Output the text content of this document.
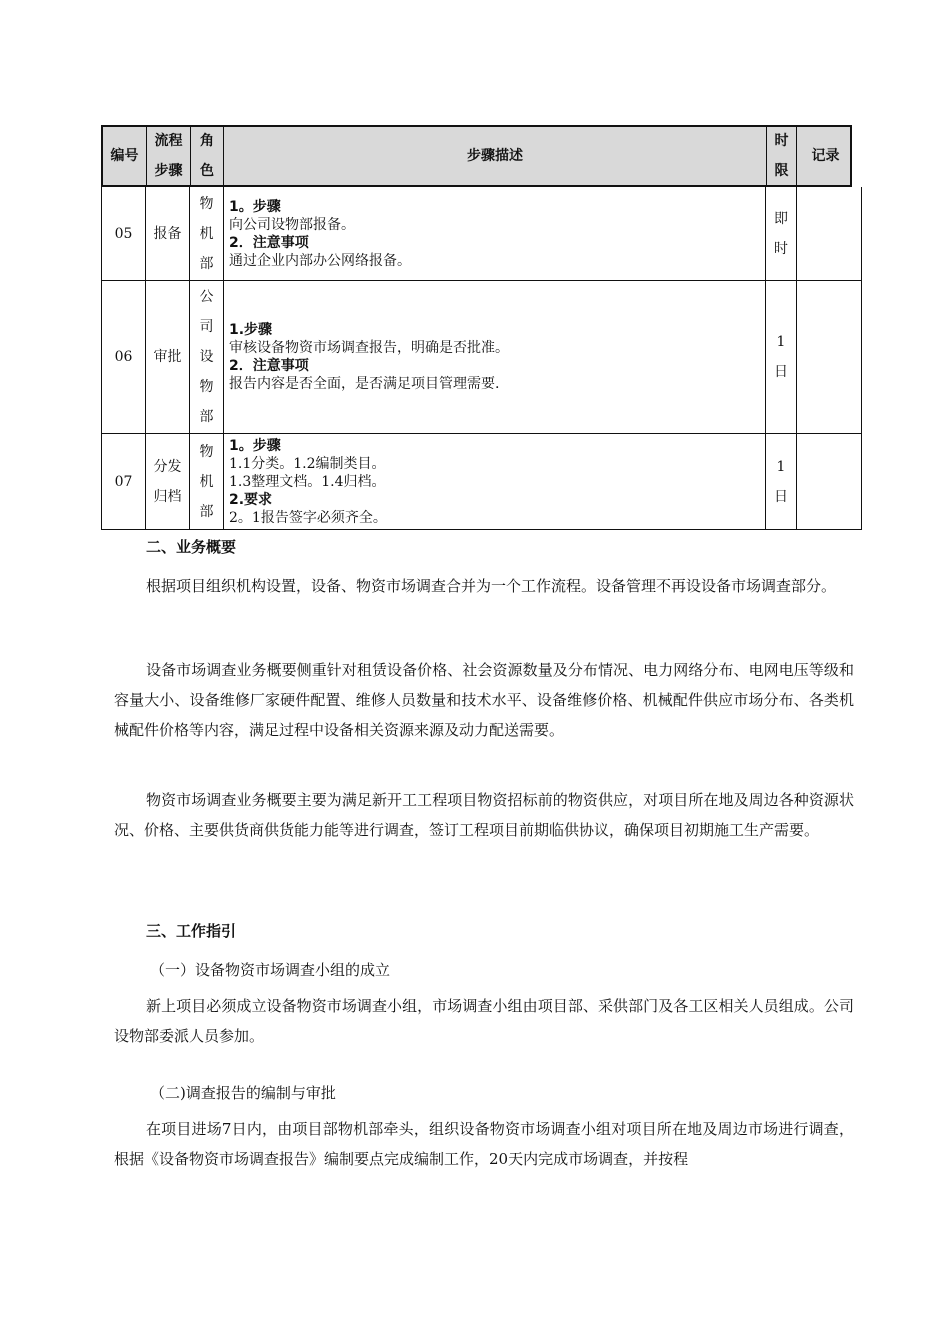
编号
流程
步骤
角
色
步骤描述
时
限
记录
05	报备
物
机
部
1。步骤
向公司设物部报备。
2．注意事项
通过企业内部办公网络报备。
即
时
06	审批
公
司
设
物
部
1.步骤
审核设备物资市场调查报告，明确是否批准。
2．注意事项
报告内容是否全面，是否满足项目管理需要.
1
日
07
分发
归档
物
机
部
1。步骤
1.1分类。1.2编制类目。
1.3整理文档。1.4归档。
2.要求
2。1报告签字必须齐全。
1
日
二、业务概要
根据项目组织机构设置，设备、物资市场调查合并为一个工作流程。设备管理不再设设备市场调查部分。
设备市场调查业务概要侧重针对租赁设备价格、社会资源数量及分布情况、电力网络分布、电网电压等级和容量大小、设备维修厂家硬件配置、维修人员数量和技术水平、设备维修价格、机械配件供应市场分布、各类机械配件价格等内容，满足过程中设备相关资源来源及动力配送需要。
物资市场调查业务概要主要为满足新开工工程项目物资招标前的物资供应，对项目所在地及周边各种资源状况、价格、主要供货商供货能力能等进行调查，签订工程项目前期临供协议，确保项目初期施工生产需要。
三、工作指引
（一）设备物资市场调查小组的成立
新上项目必须成立设备物资市场调查小组，市场调查小组由项目部、采供部门及各工区相关人员组成。公司设物部委派人员参加。
（二)调查报告的编制与审批
在项目进场7日内，由项目部物机部牵头，组织设备物资市场调查小组对项目所在地及周边市场进行调查，根据《设备物资市场调查报告》编制要点完成编制工作，20天内完成市场调查，并按程
